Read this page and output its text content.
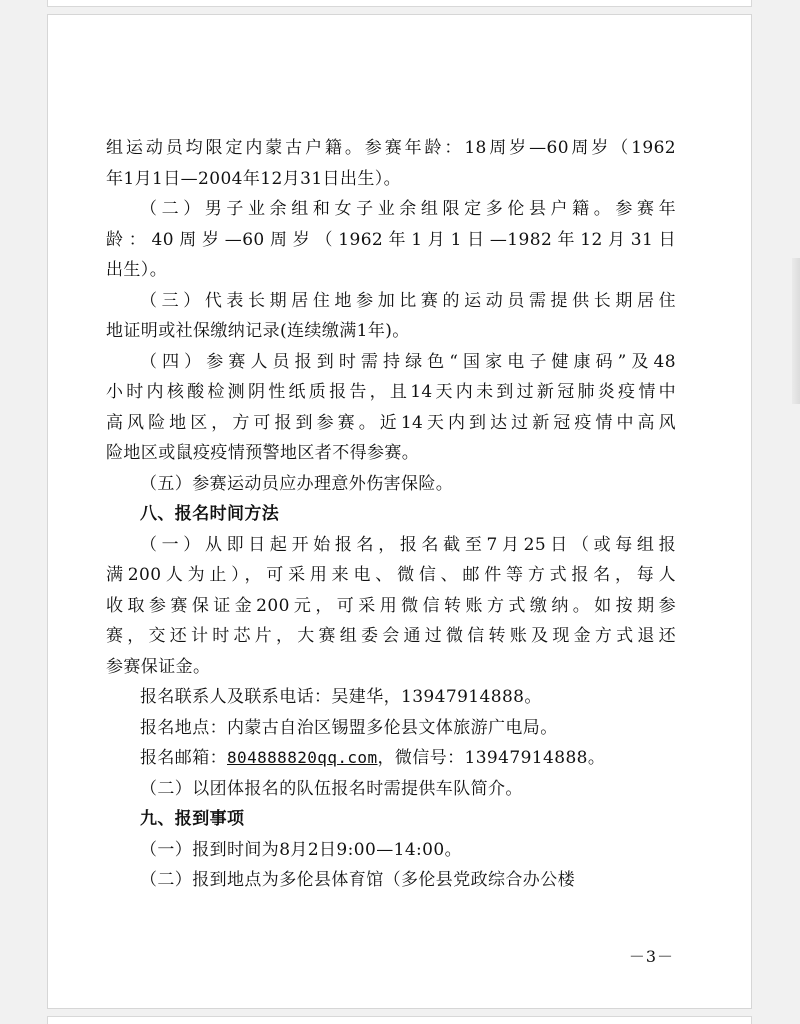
组运动员均限定内蒙古户籍。参赛年龄：18周岁—60周岁（1962
年1月1日—2004年12月31日出生）。
（二）男子业余组和女子业余组限定多伦县户籍。参赛年
龄：40周岁—60周岁（1962年1月1日—1982年12月31日
出生）。
（三）代表长期居住地参加比赛的运动员需提供长期居住
地证明或社保缴纳记录(连续缴满1年)。
（四）参赛人员报到时需持绿色“国家电子健康码”及48
小时内核酸检测阴性纸质报告，且14天内未到过新冠肺炎疫情中
高风险地区，方可报到参赛。近14天内到达过新冠疫情中高风
险地区或鼠疫疫情预警地区者不得参赛。
（五）参赛运动员应办理意外伤害保险。
八、报名时间方法
（一）从即日起开始报名，报名截至7月25日（或每组报
满200人为止），可采用来电、微信、邮件等方式报名，每人
收取参赛保证金200元，可采用微信转账方式缴纳。如按期参
赛，交还计时芯片，大赛组委会通过微信转账及现金方式退还
参赛保证金。
报名联系人及联系电话：吴建华，13947914888。
报名地点：内蒙古自治区锡盟多伦县文体旅游广电局。
报名邮箱：804888820qq.com，微信号：13947914888。
（二）以团体报名的队伍报名时需提供车队简介。
九、报到事项
（一）报到时间为8月2日9:00—14:00。
（二）报到地点为多伦县体育馆（多伦县党政综合办公楼
－3－
